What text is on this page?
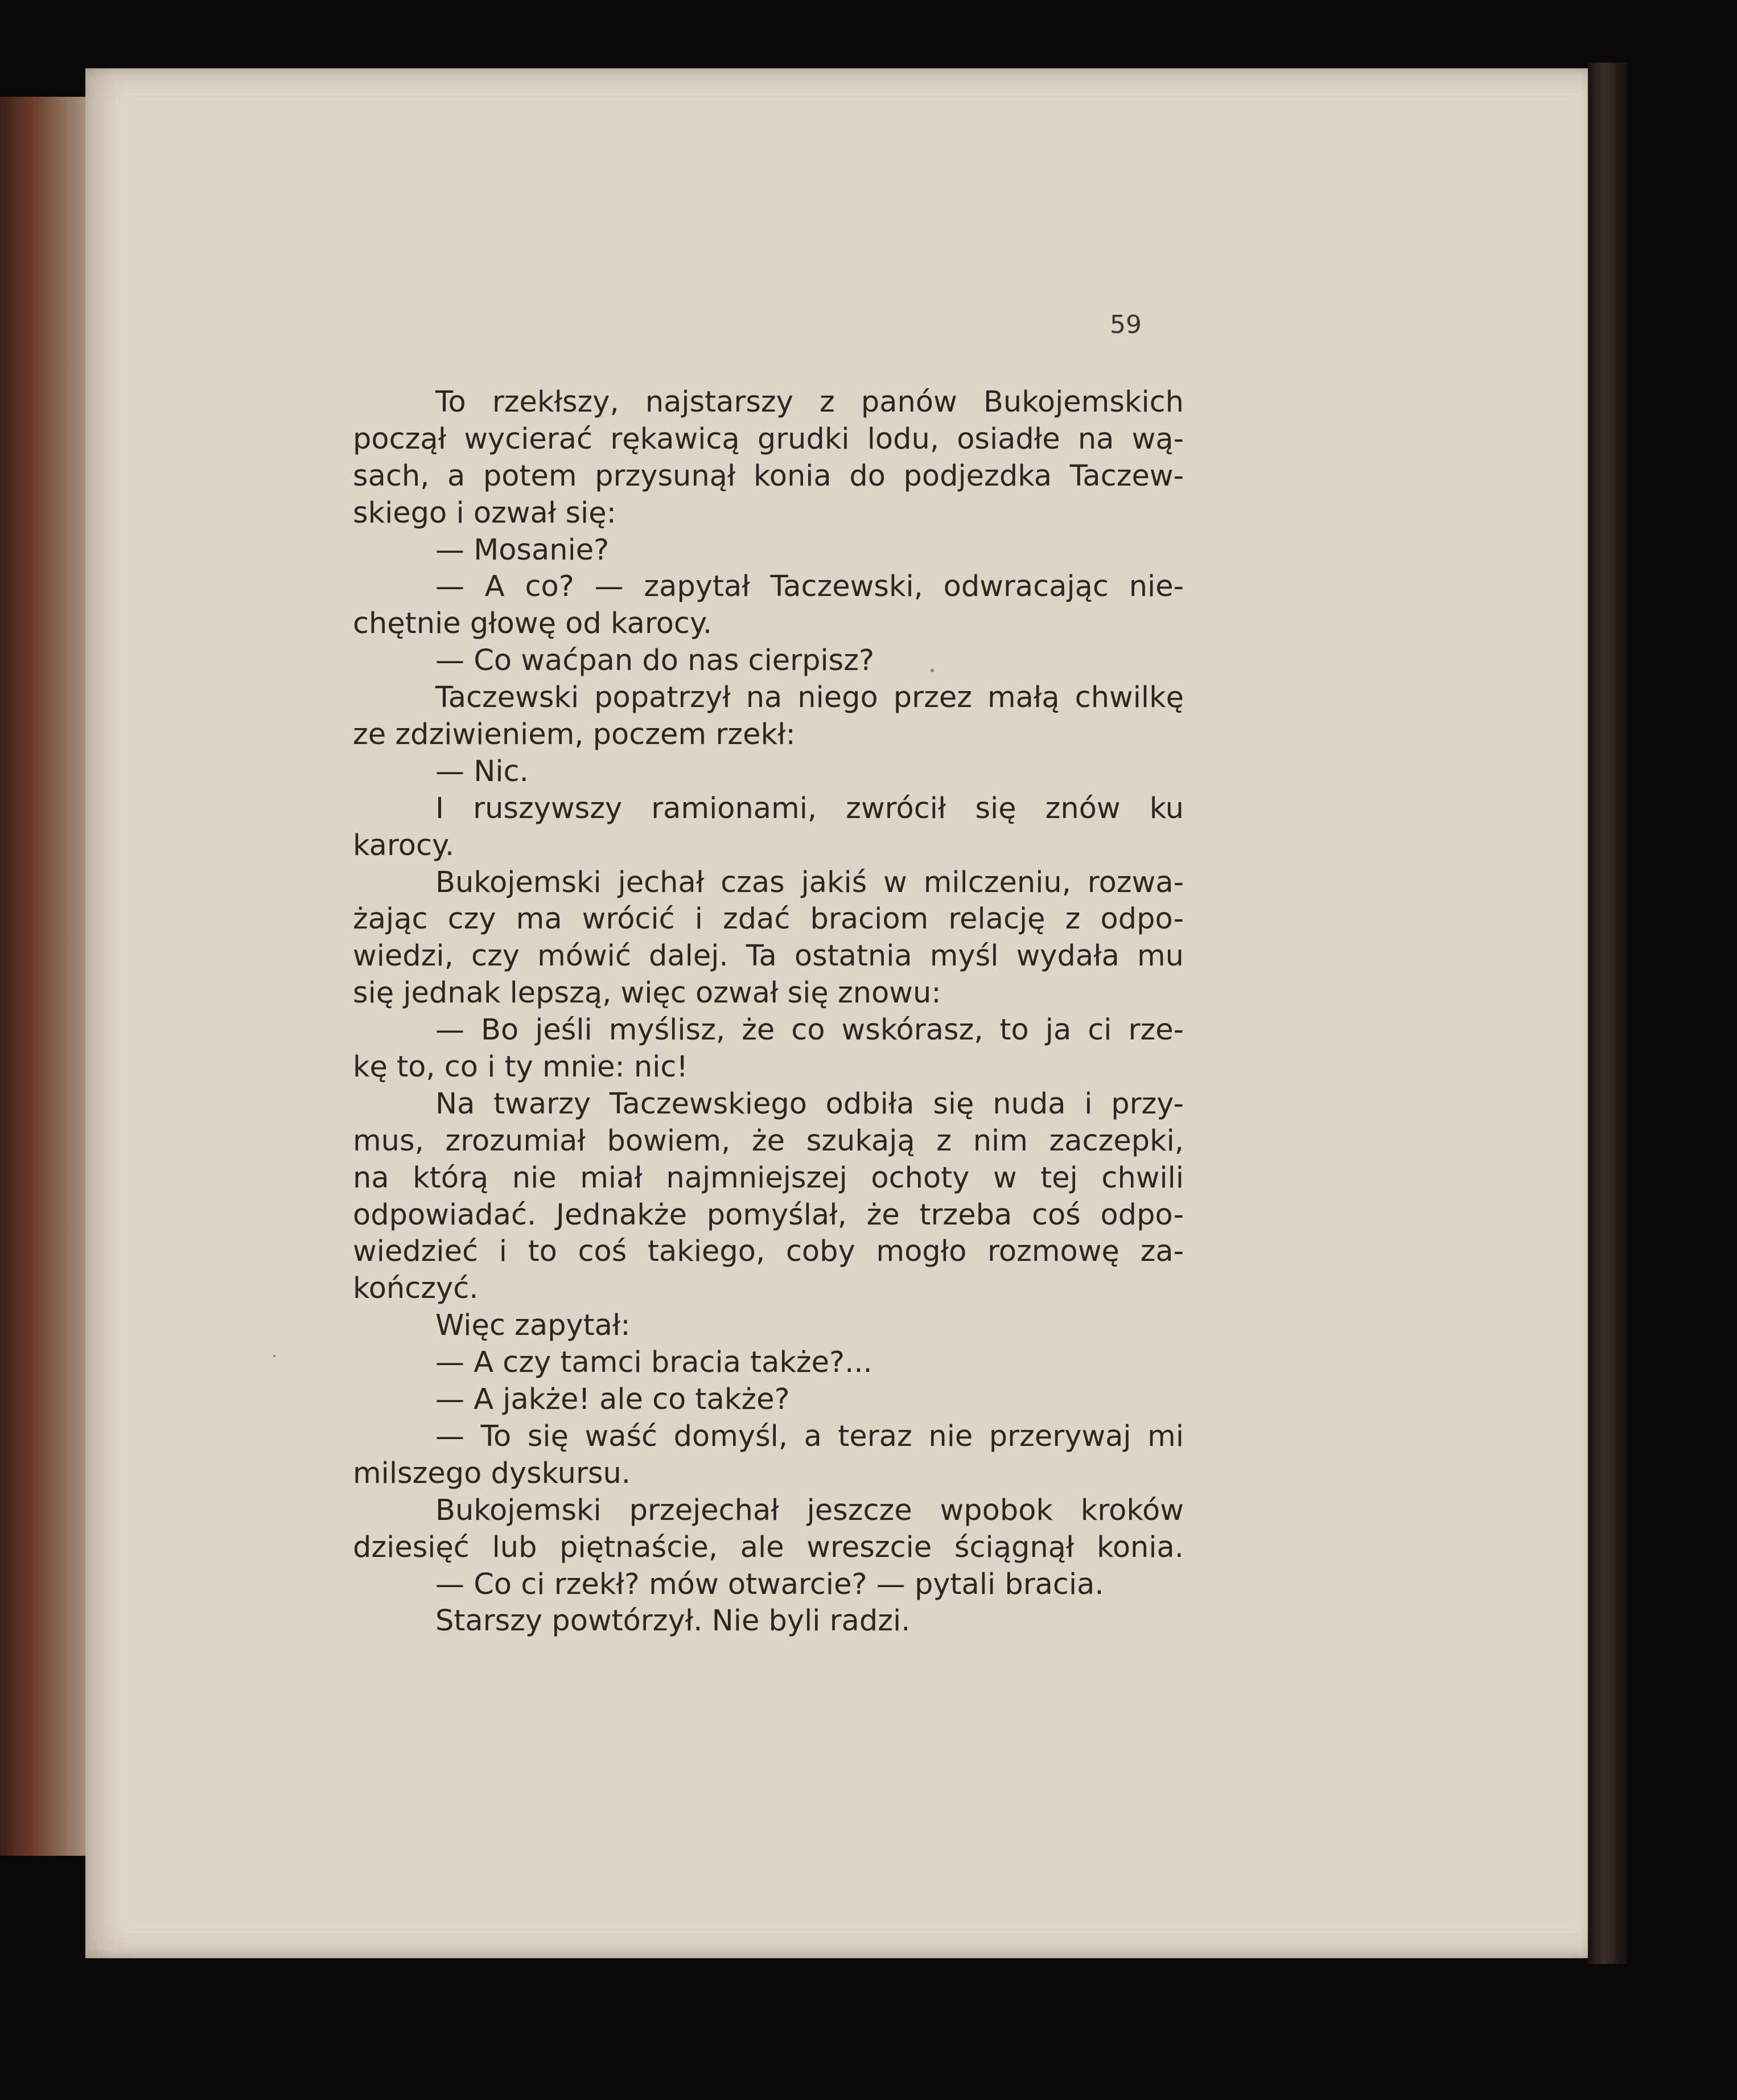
59
To rzekłszy, najstarszy z panów Bukojemskich
począł wycierać rękawicą grudki lodu, osiadłe na wą-
sach, a potem przysunął konia do podjezdka Taczew-
skiego i ozwał się:
— Mosanie?
— A co? — zapytał Taczewski, odwracając nie-
chętnie głowę od karocy.
— Co waćpan do nas cierpisz?
Taczewski popatrzył na niego przez małą chwilkę
ze zdziwieniem, poczem rzekł:
— Nic.
I ruszywszy ramionami, zwrócił się znów ku
karocy.
Bukojemski jechał czas jakiś w milczeniu, rozwa-
żając czy ma wrócić i zdać braciom relację z odpo-
wiedzi, czy mówić dalej. Ta ostatnia myśl wydała mu
się jednak lepszą, więc ozwał się znowu:
— Bo jeśli myślisz, że co wskórasz, to ja ci rze-
kę to, co i ty mnie: nic!
Na twarzy Taczewskiego odbiła się nuda i przy-
mus, zrozumiał bowiem, że szukają z nim zaczepki,
na którą nie miał najmniejszej ochoty w tej chwili
odpowiadać. Jednakże pomyślał, że trzeba coś odpo-
wiedzieć i to coś takiego, coby mogło rozmowę za-
kończyć.
Więc zapytał:
— A czy tamci bracia także?...
— A jakże! ale co także?
— To się waść domyśl, a teraz nie przerywaj mi
milszego dyskursu.
Bukojemski przejechał jeszcze wpobok kroków
dziesięć lub piętnaście, ale wreszcie ściągnął konia.
— Co ci rzekł? mów otwarcie? — pytali bracia.
Starszy powtórzył. Nie byli radzi.
